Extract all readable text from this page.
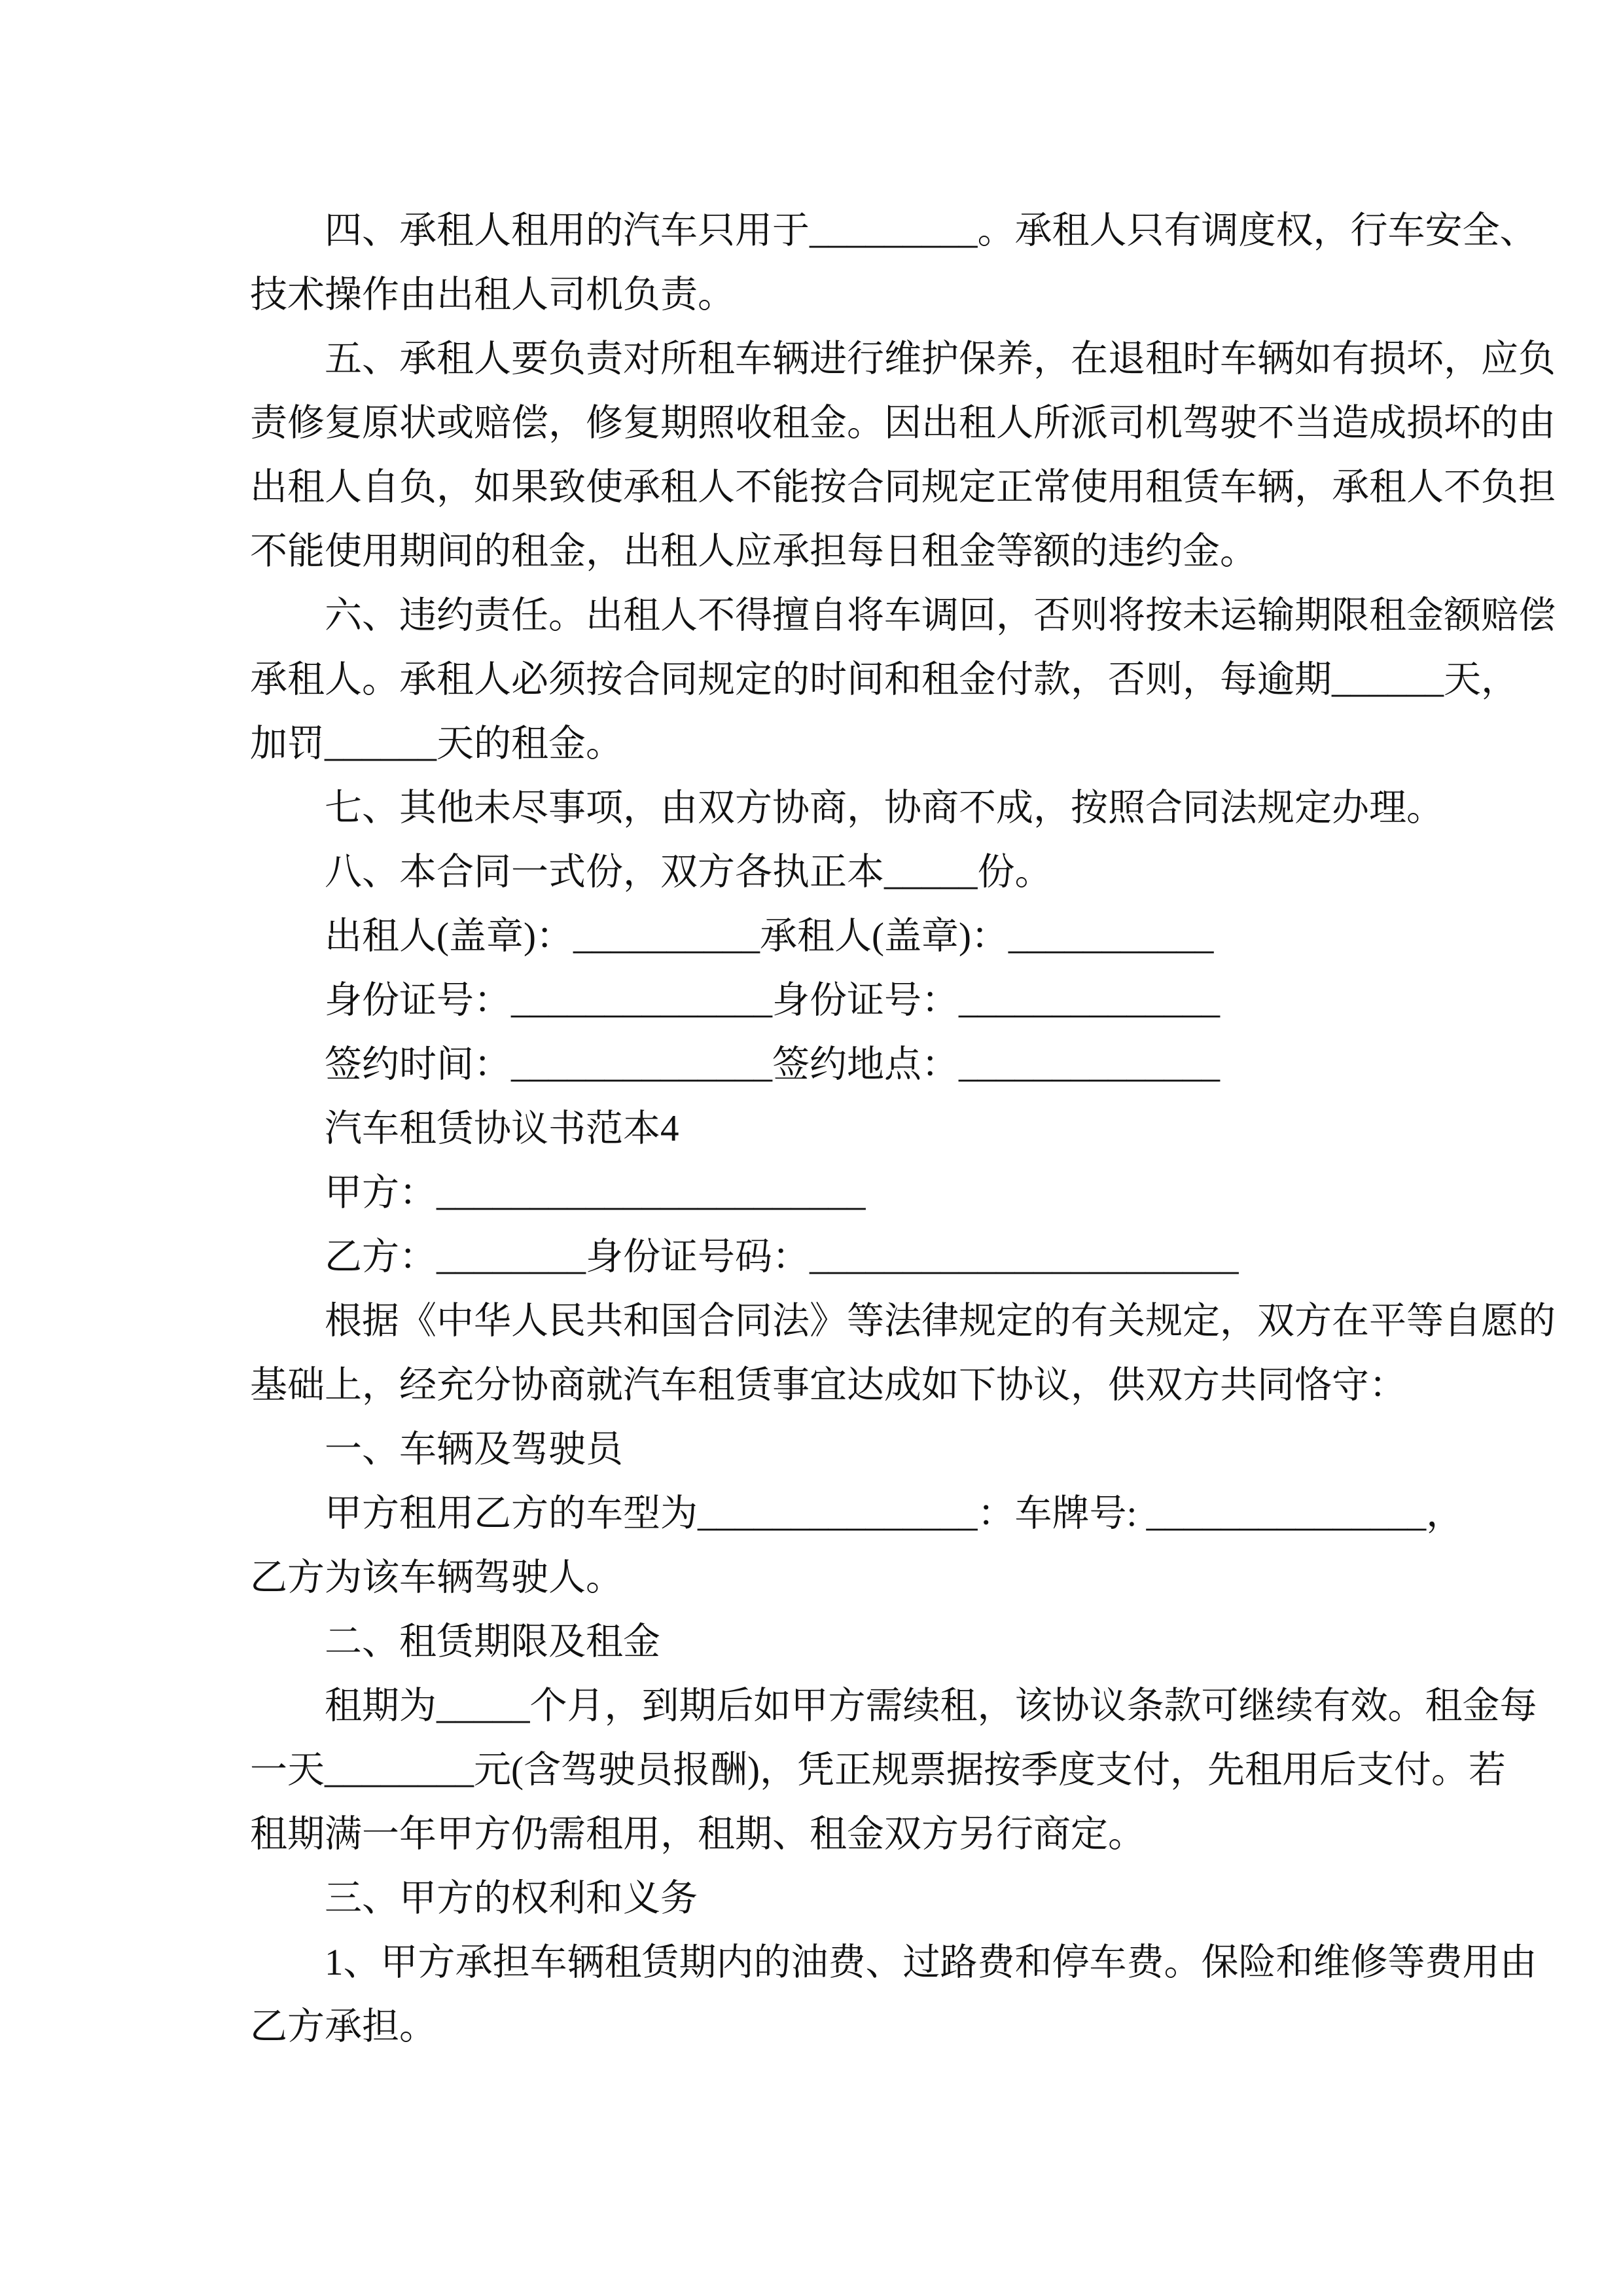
四、承租人租用的汽车只用于_________。承租人只有调度权，行车安全、
技术操作由出租人司机负责。
五、承租人要负责对所租车辆进行维护保养，在退租时车辆如有损坏，应负
责修复原状或赔偿，修复期照收租金。因出租人所派司机驾驶不当造成损坏的由
出租人自负，如果致使承租人不能按合同规定正常使用租赁车辆，承租人不负担
不能使用期间的租金，出租人应承担每日租金等额的违约金。
六、违约责任。出租人不得擅自将车调回，否则将按未运输期限租金额赔偿
承租人。承租人必须按合同规定的时间和租金付款，否则，每逾期______天，
加罚______天的租金。
七、其他未尽事项，由双方协商，协商不成，按照合同法规定办理。
八、本合同一式份，双方各执正本_____份。
出租人(盖章)：__________承租人(盖章)：___________
身份证号：______________身份证号：______________
签约时间：______________签约地点：______________
汽车租赁协议书范本4
甲方：_______________________
乙方：________身份证号码：_______________________
根据《中华人民共和国合同法》等法律规定的有关规定，双方在平等自愿的
基础上，经充分协商就汽车租赁事宜达成如下协议，供双方共同恪守：
一、车辆及驾驶员
甲方租用乙方的车型为_______________：车牌号: _______________，
乙方为该车辆驾驶人。
二、租赁期限及租金
租期为_____个月，到期后如甲方需续租，该协议条款可继续有效。租金每
一天________元(含驾驶员报酬)，凭正规票据按季度支付，先租用后支付。若
租期满一年甲方仍需租用，租期、租金双方另行商定。
三、甲方的权利和义务
1、甲方承担车辆租赁期内的油费、过路费和停车费。保险和维修等费用由
乙方承担。
